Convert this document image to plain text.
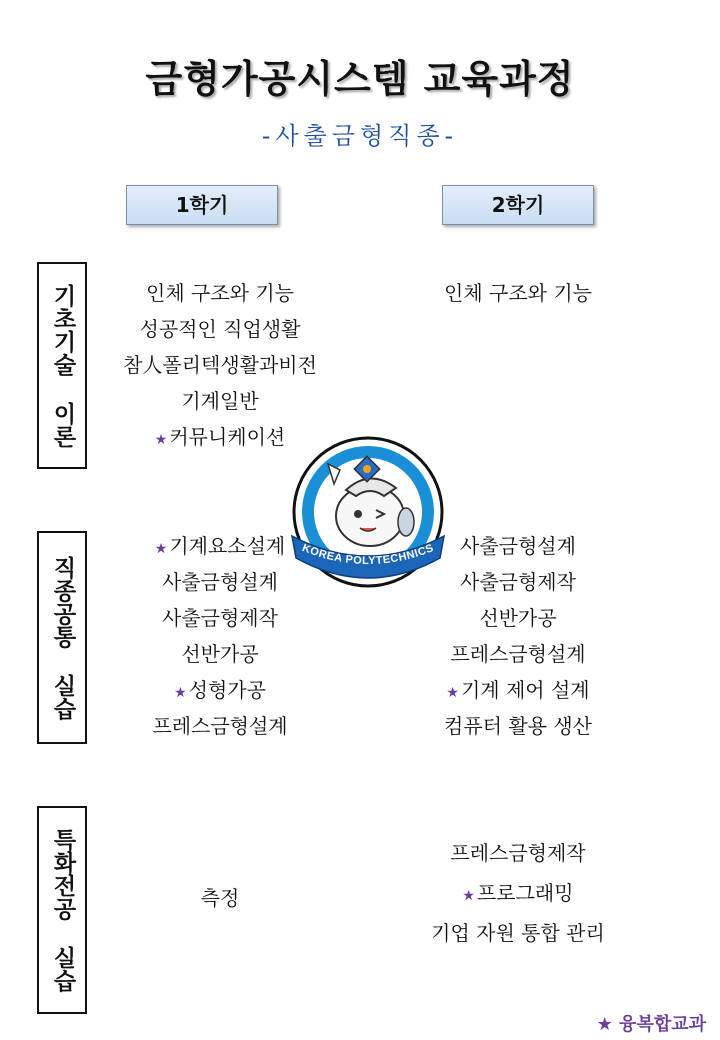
금형가공시스템 교육과정
-사출금형직종-
1학기	2학기
기초기술 이론
직종공통 실습
특화전공 실습
인체 구조와 기능
성공적인 직업생활
참人폴리텍생활과비전
기계일반
★ 커뮤니케이션
인체 구조와 기능
★ 기계요소설계
사출금형설계
사출금형제작
선반가공
★ 성형가공
프레스금형설계
사출금형설계
사출금형제작
선반가공
프레스금형설계
★ 기계 제어 설계
컴퓨터 활용 생산
측정
프레스금형제작
★ 프로그래밍
기업 자원 통합 관리
KOREA POLYTECHNICS
★ 융복합교과
